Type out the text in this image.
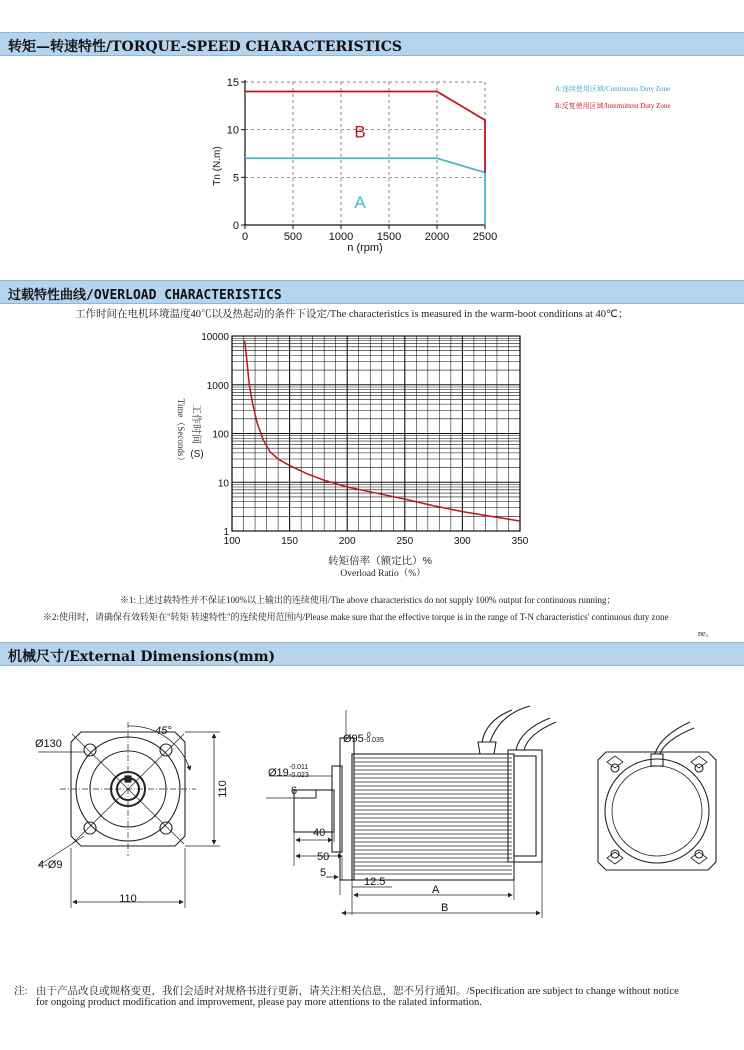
转矩—转速特性/TORQUE-SPEED CHARACTERISTICS
0	500 1000 1500 2000 2500
0
5
10
15
n (rpm)
Tn (N.m)
B
A
A:连续使用区域/Continuous Duty Zone
B:反复使用区域/Intermittent Duty Zone
过载特性曲线/OVERLOAD CHARACTERISTICS
工作时间在电机环境温度40℃以及热起动的条件下设定/The characteristics is measured in the warm-boot conditions at 40℃；
100	150	200	250	300	350
1
10
100
1000
10000
转矩倍率（额定比）%
Overload Ratio（%）
Time（Seconds） 工作时间
(S)
※1:上述过载特性并不保证100%以上输出的连续使用/The above characteristics do not supply 100% output for continuous running；
※2:使用时，请确保有效转矩在"转矩 转速特性"的连续使用范围内/Please make sure that the effective torque is in the range of T-N characteristics' continuous duty zone
ne。
机械尺寸/External Dimensions(mm)
Ø130
45°
4-Ø9
110
110
Ø95 $^0$
-0.035
Ø19 -0.011
-0.023
6
40
50
5
12.5
A
B
注: 由于产品改良或规格变更，我们会适时对规格书进行更新，请关注相关信息，恕不另行通知。/Specification are subject to change without notice
for ongoing product modification and improvement, please pay more attentions to the ralated information.
